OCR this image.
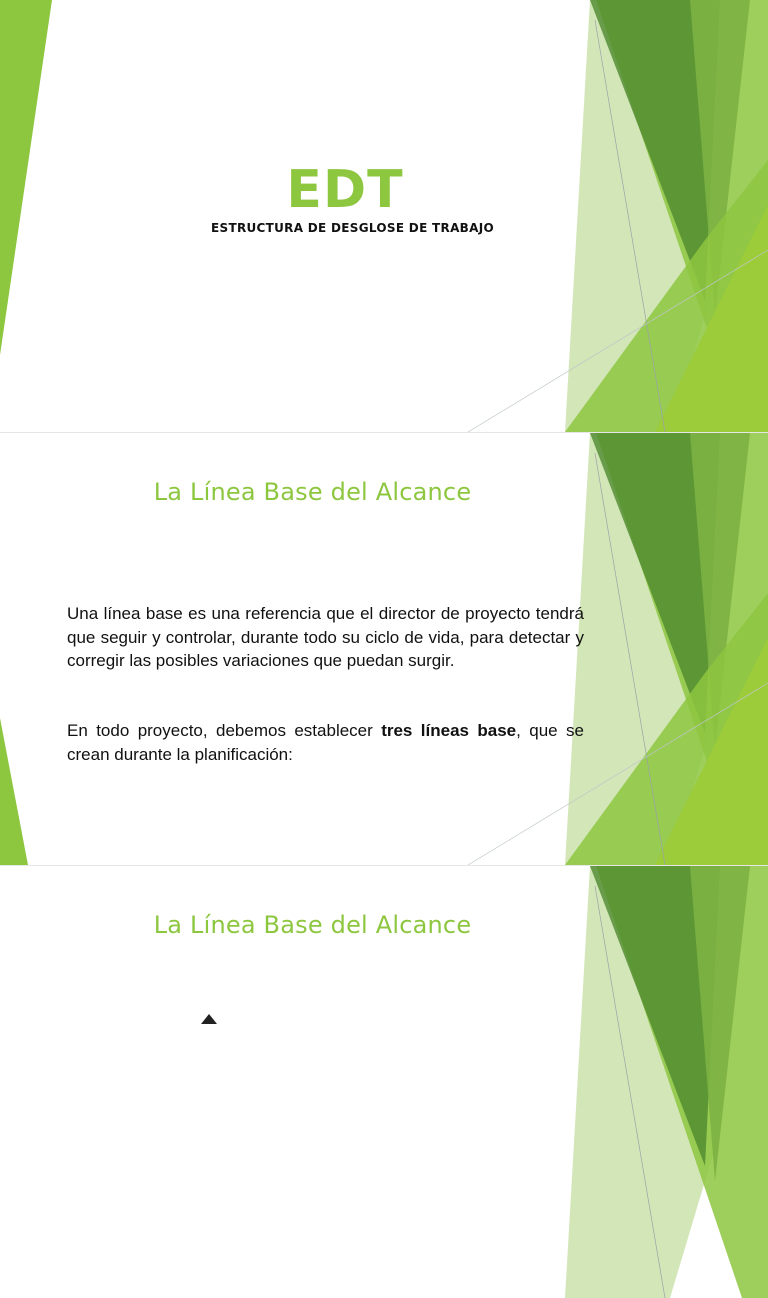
EDT
ESTRUCTURA DE DESGLOSE DE TRABAJO
La Línea Base del Alcance

Una línea base es una referencia que el director de proyecto tendrá que seguir y controlar, durante todo su ciclo de vida, para detectar y corregir las posibles variaciones que puedan surgir.

En todo proyecto, debemos establecer tres líneas base, que se crean durante la planificación:

La Línea Base del Alcance
